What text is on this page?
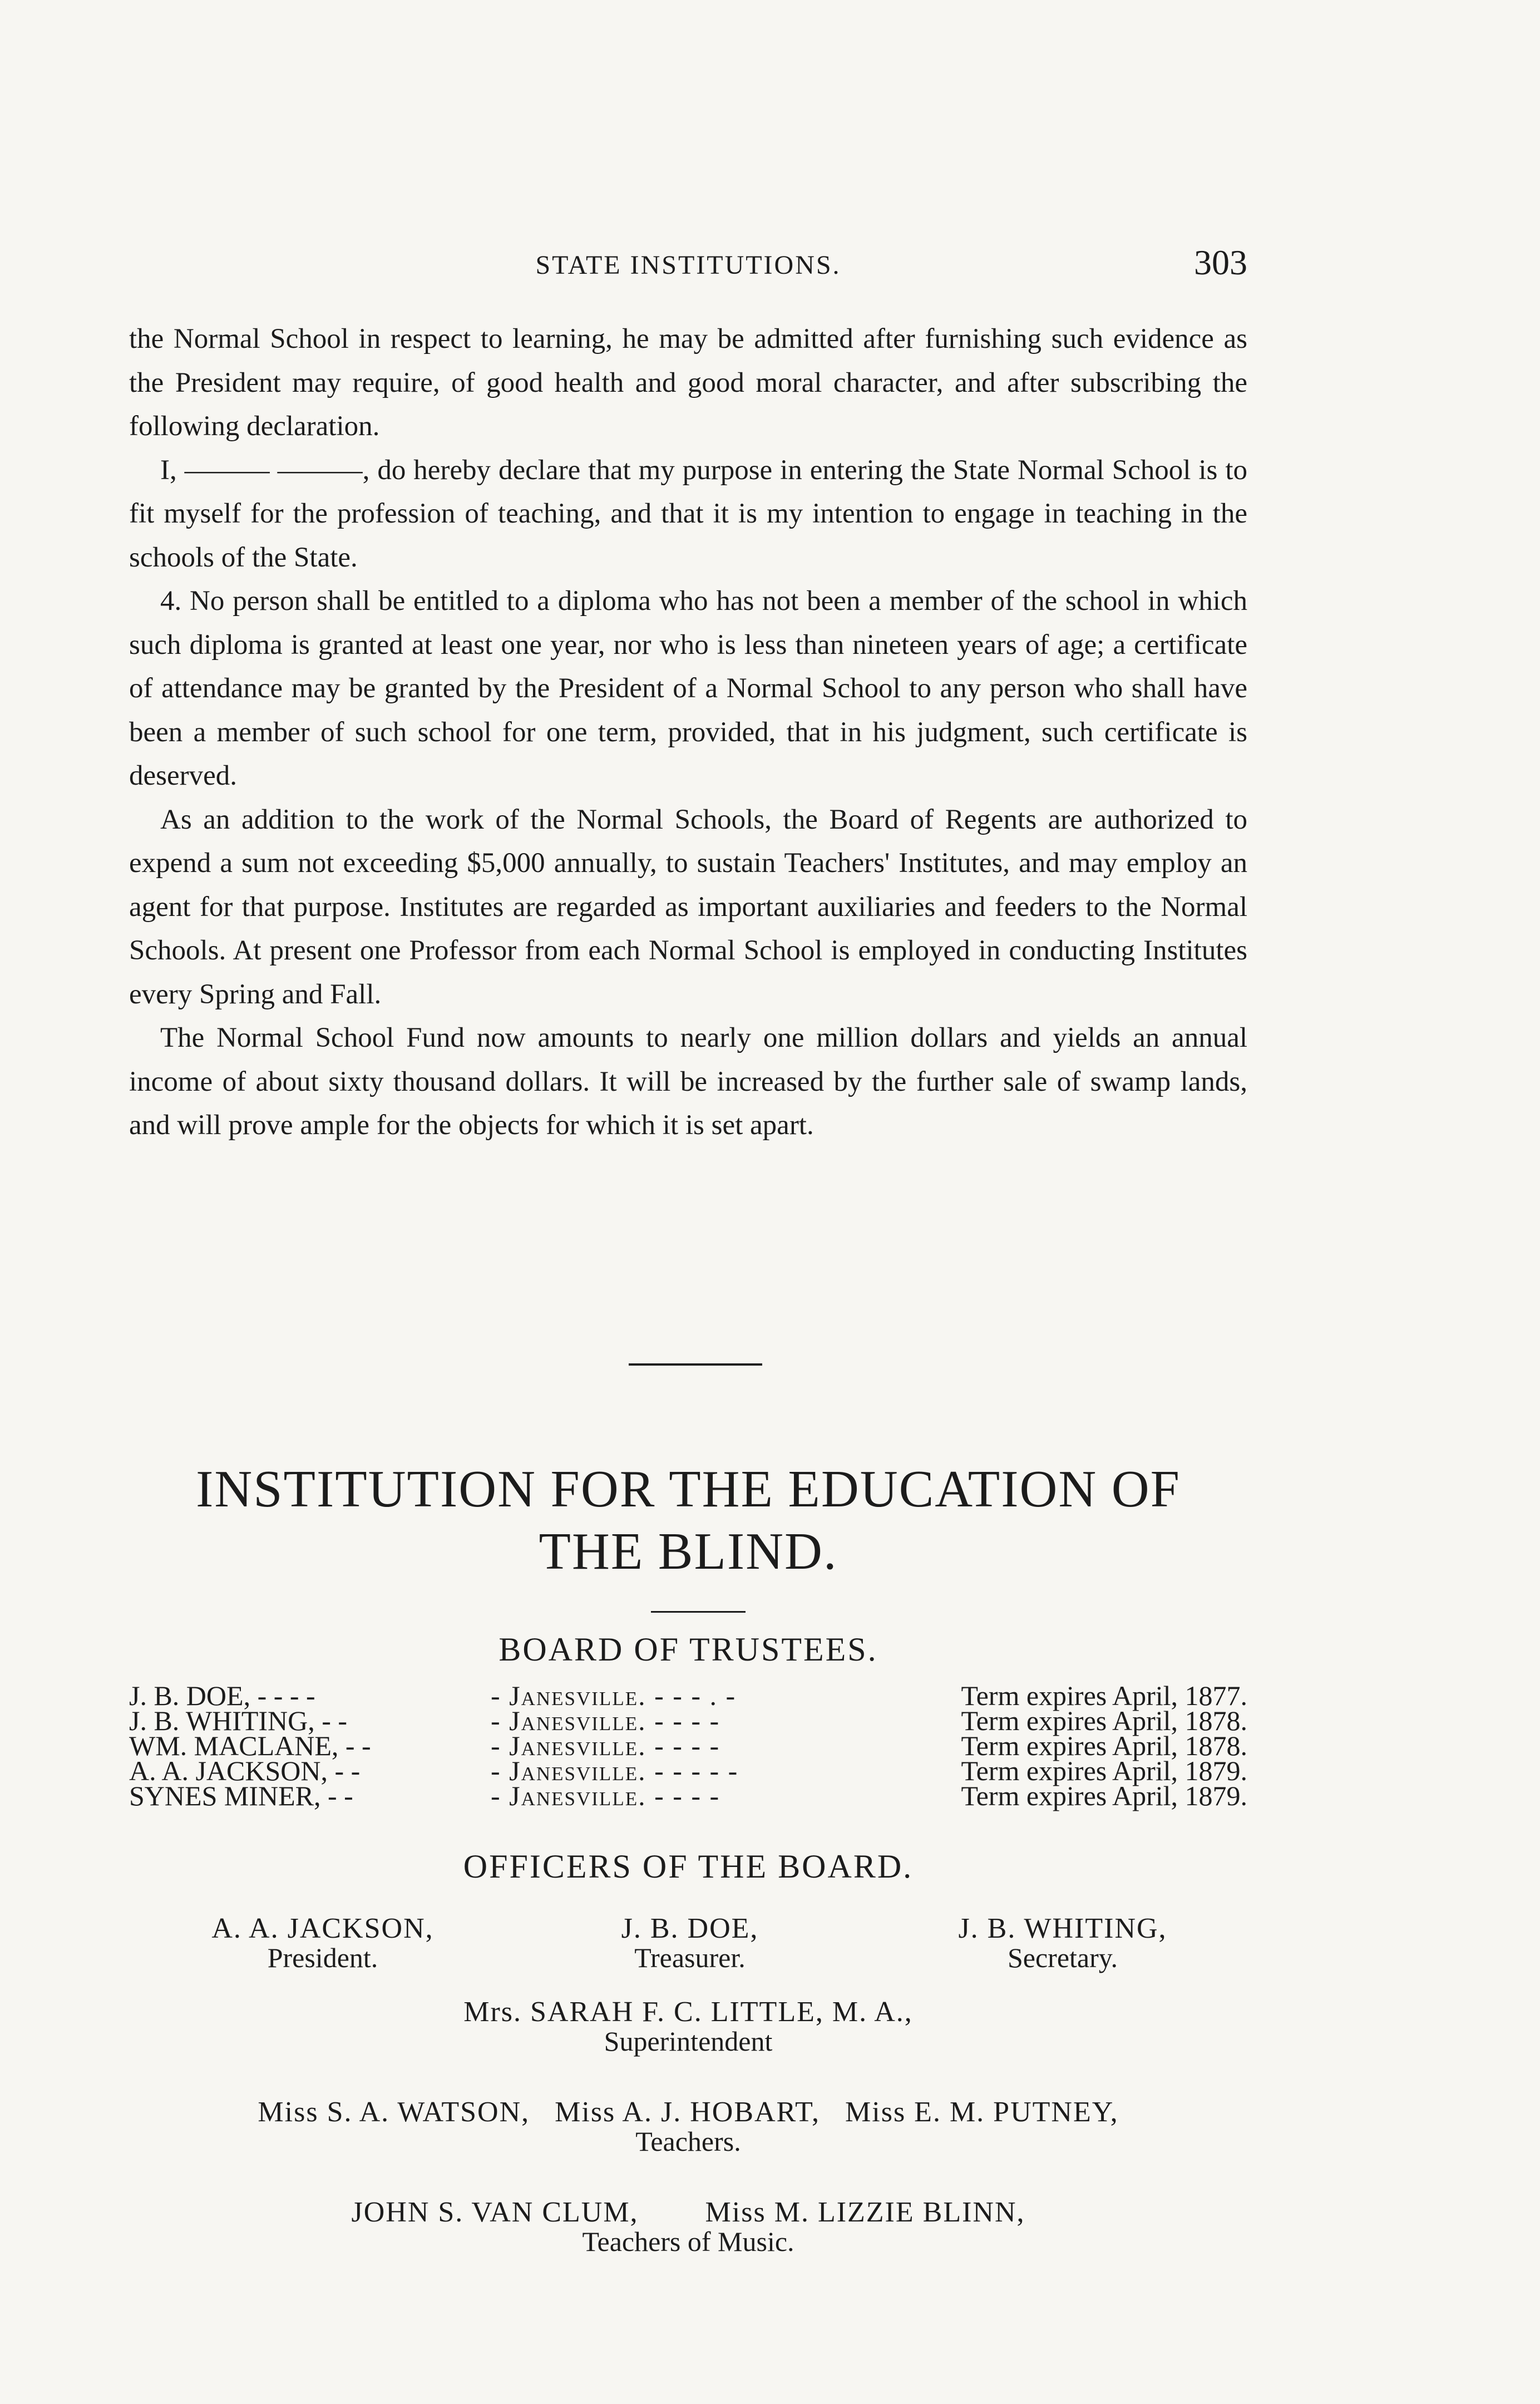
STATE INSTITUTIONS.	303

the Normal School in respect to learning, he may be admitted after furnishing such evidence as the President may require, of good health and good moral character, and after subscribing the following declaration.

I, ——— ———, do hereby declare that my purpose in entering the State Normal School is to fit myself for the profession of teaching, and that it is my intention to engage in teaching in the schools of the State.

4. No person shall be entitled to a diploma who has not been a member of the school in which such diploma is granted at least one year, nor who is less than nineteen years of age; a certificate of attendance may be granted by the President of a Normal School to any person who shall have been a member of such school for one term, provided, that in his judgment, such certificate is deserved.

As an addition to the work of the Normal Schools, the Board of Regents are authorized to expend a sum not exceeding $5,000 annually, to sustain Teachers' Institutes, and may employ an agent for that purpose. Institutes are regarded as important auxiliaries and feeders to the Normal Schools. At present one Professor from each Normal School is employed in conducting Institutes every Spring and Fall.

The Normal School Fund now amounts to nearly one million dollars and yields an annual income of about sixty thousand dollars. It will be increased by the further sale of swamp lands, and will prove ample for the objects for which it is set apart.

INSTITUTION FOR THE EDUCATION OF
THE BLIND.
BOARD OF TRUSTEES.
J. B. DOE, - - - -	- Janesville. - - - . -	Term expires April, 1877.
J. B. WHITING, - -	- Janesville. - - - -	Term expires April, 1878.
WM. MACLANE, - -	- Janesville. - - - -	Term expires April, 1878.
A. A. JACKSON, - -	- Janesville. - - - - -	Term expires April, 1879.
SYNES MINER, - -	- Janesville. - - - -	Term expires April, 1879.
OFFICERS OF THE BOARD.
A. A. JACKSON,
President.
J. B. DOE,
Treasurer.
J. B. WHITING,
Secretary.
Mrs. SARAH F. C. LITTLE, M. A.,
Superintendent
Miss S. A. WATSON,   Miss A. J. HOBART,   Miss E. M. PUTNEY,
Teachers.
JOHN S. VAN CLUM,        Miss M. LIZZIE BLINN,
Teachers of Music.
